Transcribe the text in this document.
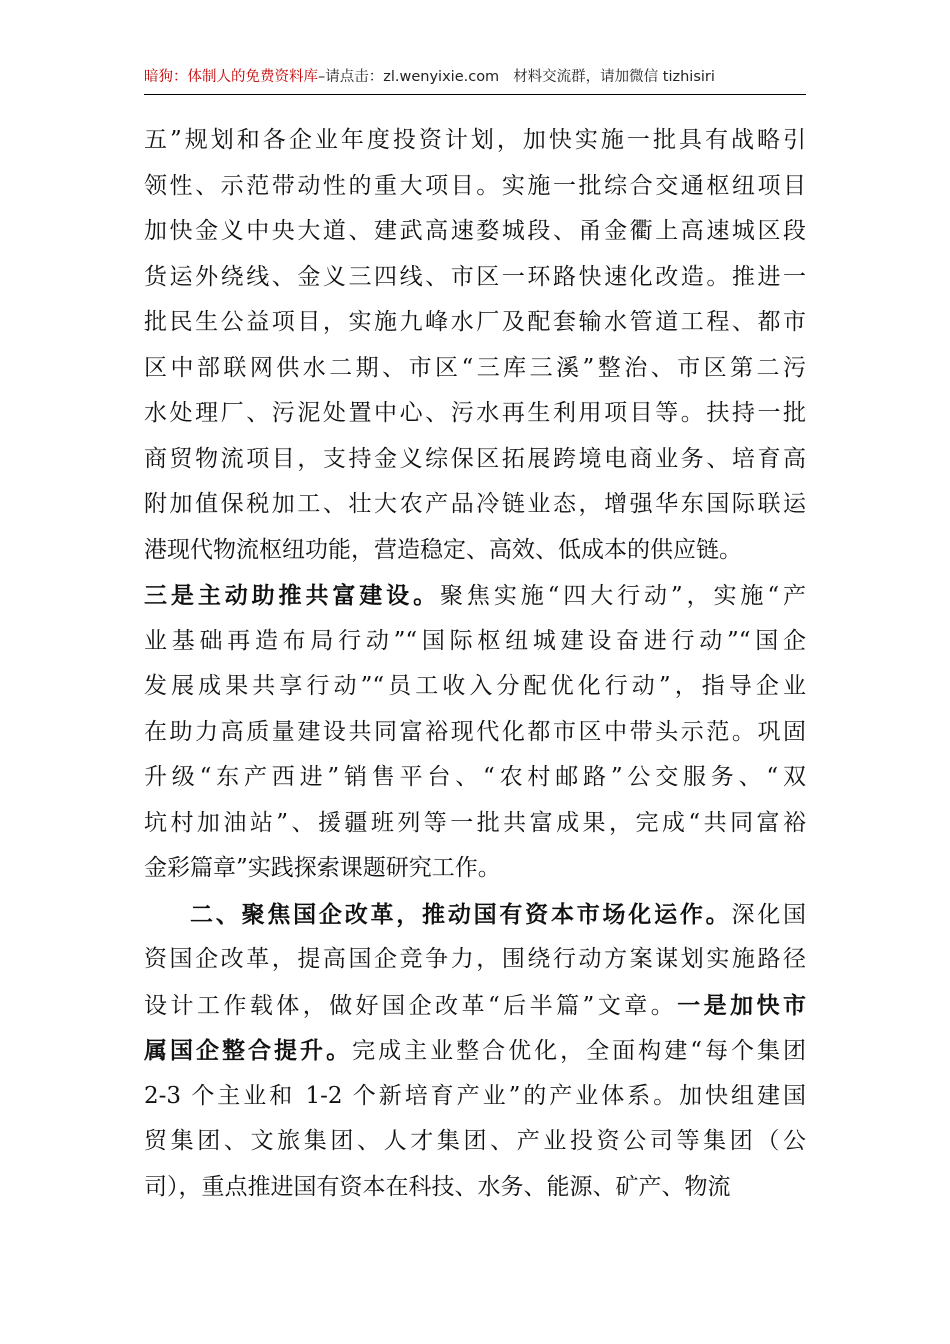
暗狗：体制人的免费资料库–请点击：zl.wenyixie.com 材料交流群，请加微信 tizhisiri
五”规划和各企业年度投资计划，加快实施一批具有战略引
领性、示范带动性的重大项目。实施一批综合交通枢纽项目
加快金义中央大道、建武高速婺城段、甬金衢上高速城区段
货运外绕线、金义三四线、市区一环路快速化改造。推进一
批民生公益项目，实施九峰水厂及配套输水管道工程、都市
区中部联网供水二期、市区“三库三溪”整治、市区第二污
水处理厂、污泥处置中心、污水再生利用项目等。扶持一批
商贸物流项目，支持金义综保区拓展跨境电商业务、培育高
附加值保税加工、壮大农产品冷链业态，增强华东国际联运
港现代物流枢纽功能，营造稳定、高效、低成本的供应链。
三是主动助推共富建设。聚焦实施“四大行动”，实施“产
业基础再造布局行动”“国际枢纽城建设奋进行动”“国企
发展成果共享行动”“员工收入分配优化行动”，指导企业
在助力高质量建设共同富裕现代化都市区中带头示范。巩固
升级“东产西进”销售平台、“农村邮路”公交服务、“双
坑村加油站”、援疆班列等一批共富成果，完成“共同富裕
金彩篇章”实践探索课题研究工作。
二、聚焦国企改革，推动国有资本市场化运作。深化国
资国企改革，提高国企竞争力，围绕行动方案谋划实施路径
设计工作载体，做好国企改革“后半篇”文章。一是加快市
属国企整合提升。完成主业整合优化，全面构建“每个集团
2-3 个主业和 1-2 个新培育产业”的产业体系。加快组建国
贸集团、文旅集团、人才集团、产业投资公司等集团（公
司），重点推进国有资本在科技、水务、能源、矿产、物流
